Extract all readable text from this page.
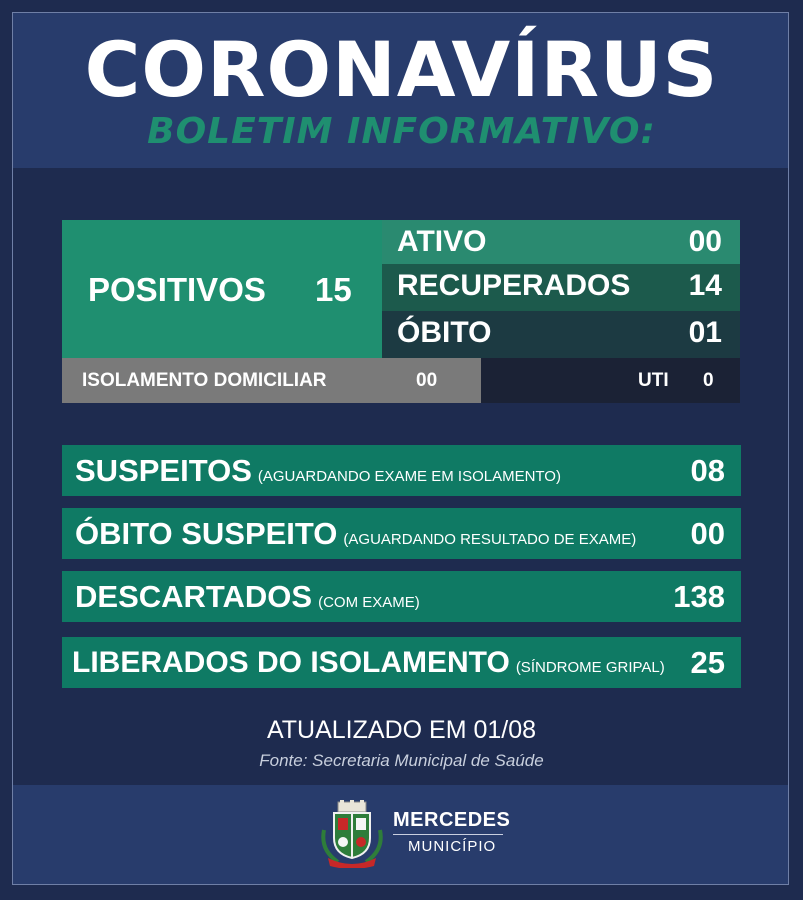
CORONAVÍRUS
BOLETIM INFORMATIVO:
POSITIVOS 15
ATIVO	00
RECUPERADOS 14
ÓBITO	01
ISOLAMENTO DOMICILIAR	00	UTI 0
SUSPEITOS (AGUARDANDO EXAME EM ISOLAMENTO)	08
ÓBITO SUSPEITO (AGUARDANDO RESULTADO DE EXAME) 00
DESCARTADOS (COM EXAME)	138
LIBERADOS DO ISOLAMENTO (SÍNDROME GRIPAL) 25
ATUALIZADO EM 01/08
Fonte: Secretaria Municipal de Saúde
MERCEDES
MUNICÍPIO
